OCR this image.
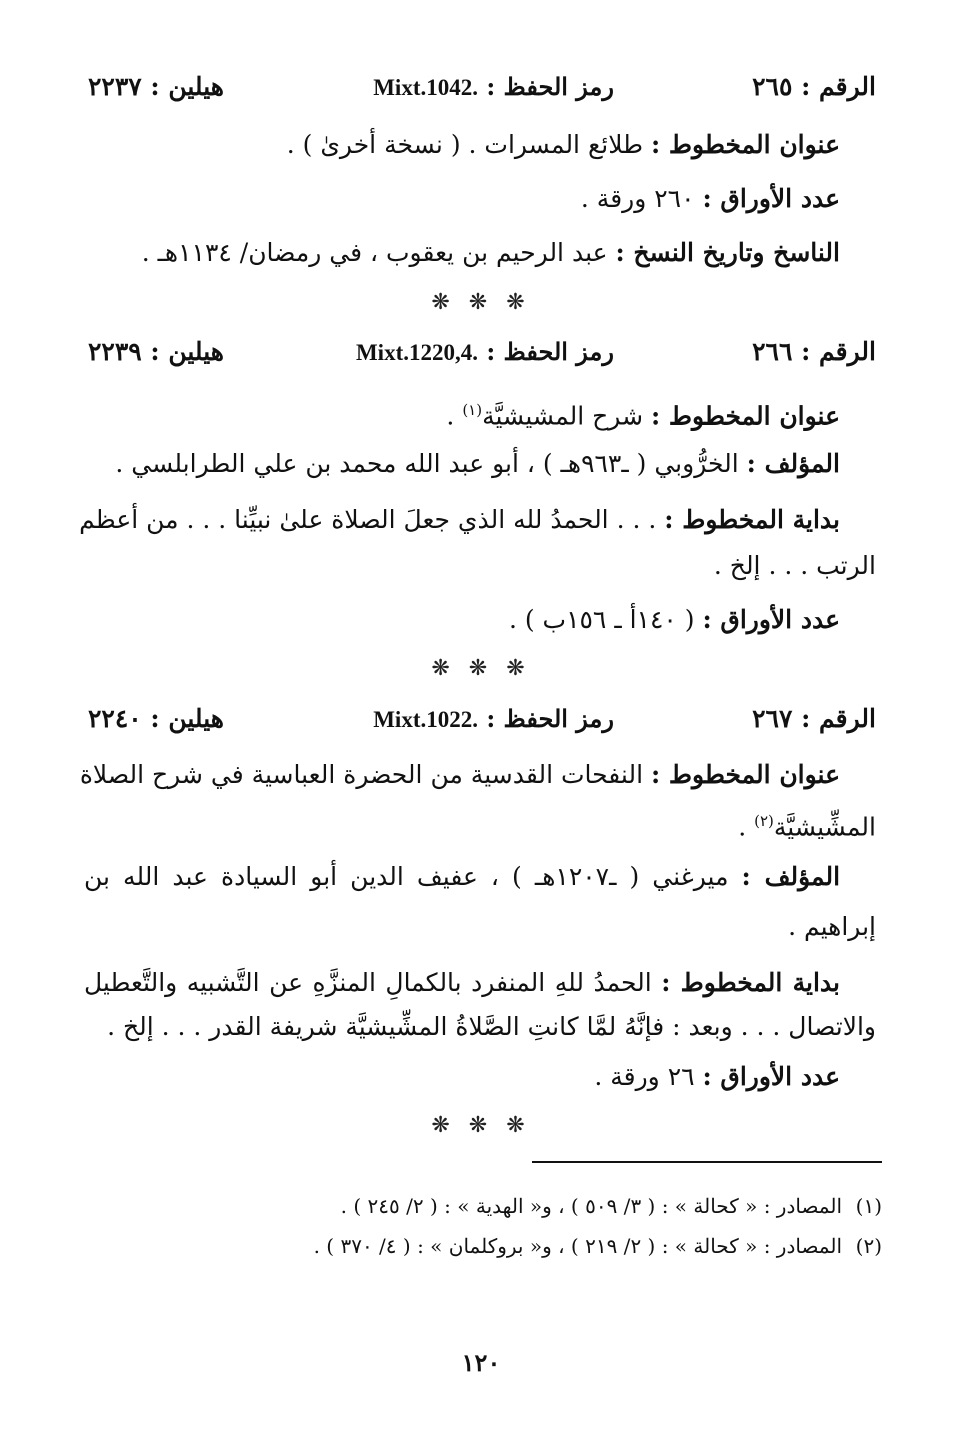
الرقم : ٢٦٥
رمز الحفظ : Mixt.1042.
هيلين : ٢٢٣٧
عنوان المخطوط : طلائع المسرات . ( نسخة أخرىٰ ) .
عدد الأوراق : ٢٦٠ ورقة .
الناسخ وتاريخ النسخ : عبد الرحيم بن يعقوب ، في رمضان/ ١١٣٤هـ .
❋ ❋ ❋
الرقم : ٢٦٦
رمز الحفظ : Mixt.1220,4.
هيلين : ٢٢٣٩
عنوان المخطوط : شرح المشيشيَّة$^{(١)}$ .
المؤلف : الخرُّوبي ( ـ٩٦٣هـ ) ، أبو عبد الله محمد بن علي الطرابلسي .
بداية المخطوط : . . . الحمدُ لله الذي جعلَ الصلاة علىٰ نبيِّنا . . . من أعظم
الرتب . . . إلخ .
عدد الأوراق : ( ١٤٠أ ـ ١٥٦ب ) .
❋ ❋ ❋
الرقم : ٢٦٧
رمز الحفظ : Mixt.1022.
هيلين : ٢٢٤٠
عنوان المخطوط : النفحات القدسية من الحضرة العباسية في شرح الصلاة
المشِّيشيَّة$^{(٢)}$ .
المؤلف : ميرغني ( ـ١٢٠٧هـ ) ، عفيف الدين أبو السيادة عبد الله بن
إبراهيم .
بداية المخطوط : الحمدُ للهِ المنفرد بالكمالِ المنزَّهِ عن التَّشبيه والتَّعطيل
والاتصال . . . وبعد : فإنَّهُ لمَّا كانتِ الصَّلاةُ المشِّيشيَّة شريفة القدر . . . إلخ .
عدد الأوراق : ٢٦ ورقة .
❋ ❋ ❋
(١)المصادر : « كحالة » : ( ٣/ ٥٠٩ ) ، و« الهدية » : ( ٢/ ٢٤٥ ) .
(٢)المصادر : « كحالة » : ( ٢/ ٢١٩ ) ، و« بروكلمان » : ( ٤/ ٣٧٠ ) .
١٢٠
